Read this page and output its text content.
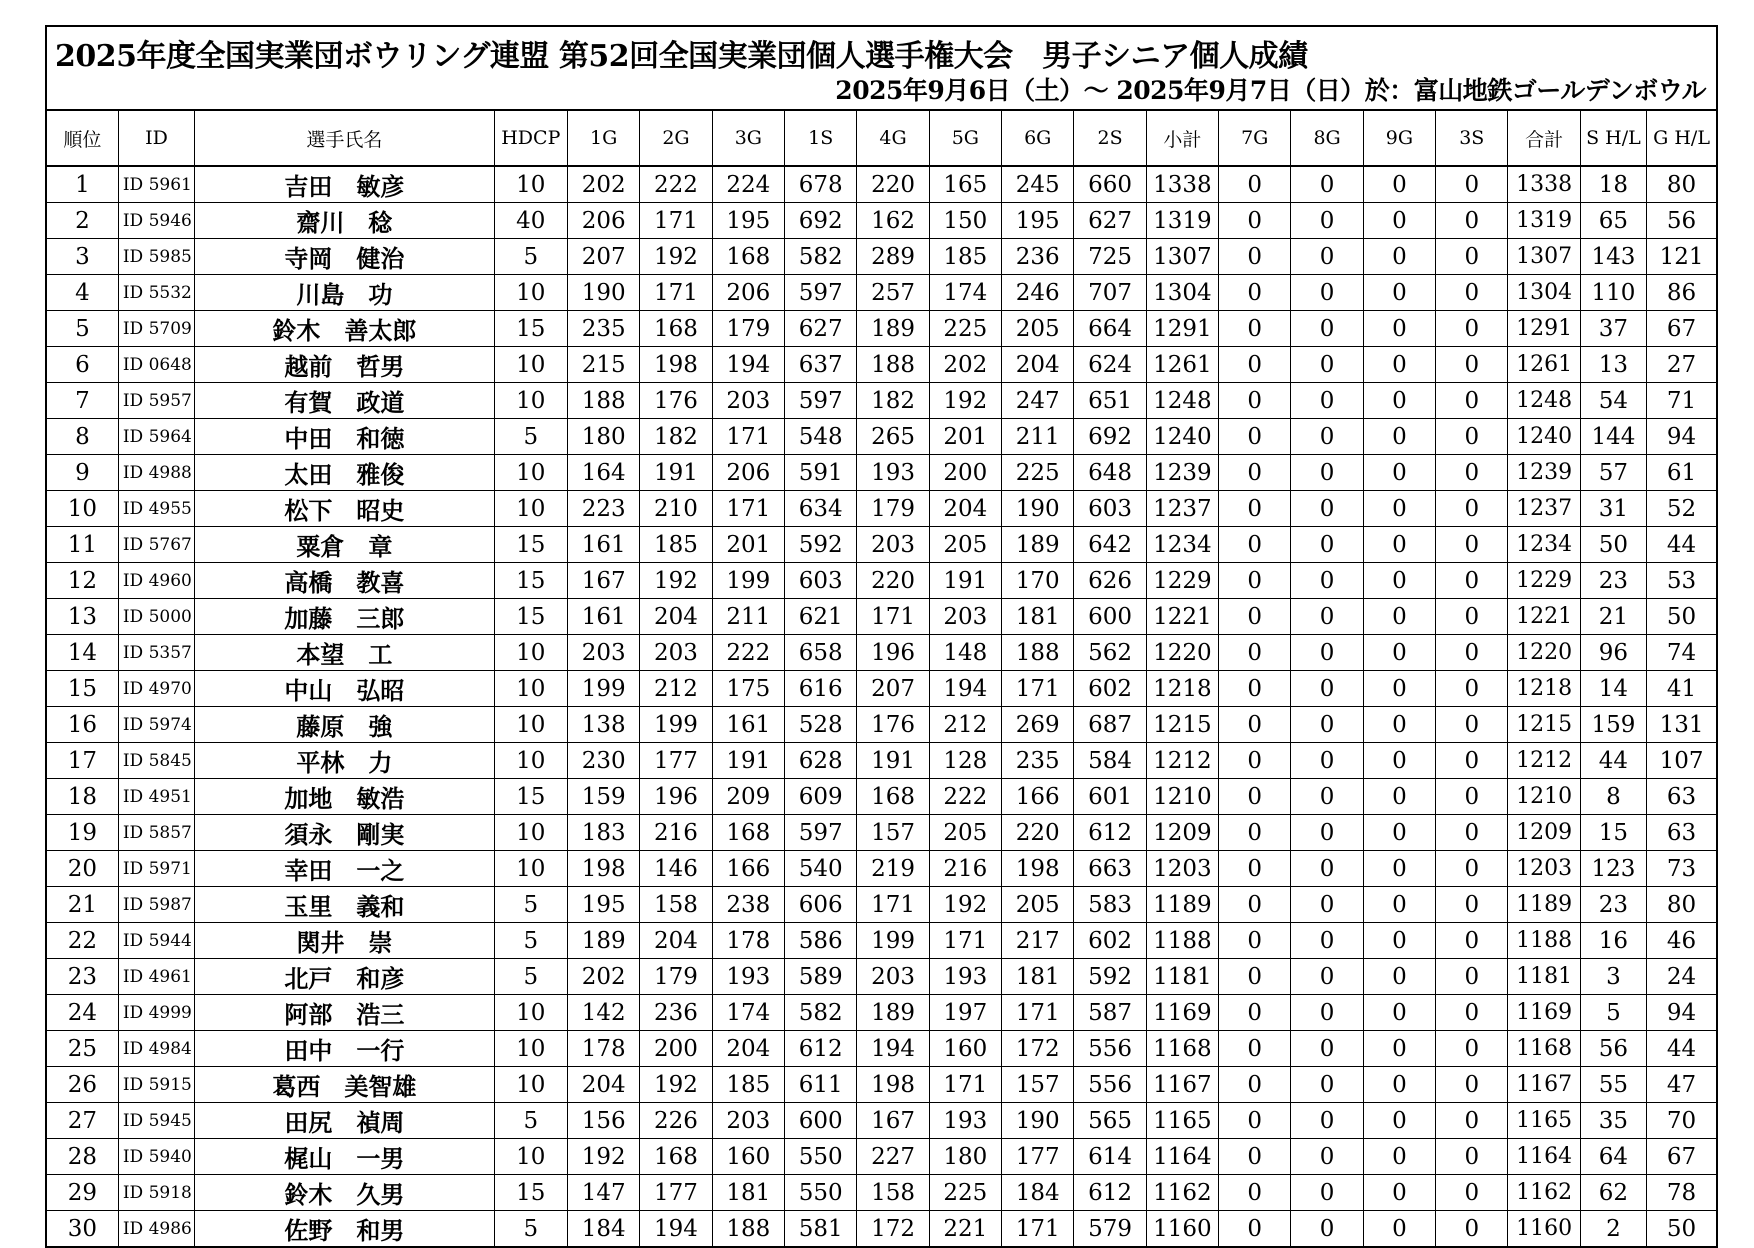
2025年度全国実業団ボウリング連盟 第52回全国実業団個人選手権大会　男子シニア個人成績
2025年9月6日（土）～ 2025年9月7日（日）於：富山地鉄ゴールデンボウル
順位	ID	選手氏名	HDCP	1G	2G	3G	1S	4G	5G	6G	2S	小計	7G	8G	9G	3S	合計	S H/L	G H/L
1	ID 5961	吉田　敏彦	10	202	222	224	678	220	165	245	660	1338	0	0	0	0	1338	18	80
2	ID 5946	齋川　稔	40	206	171	195	692	162	150	195	627	1319	0	0	0	0	1319	65	56
3	ID 5985	寺岡　健治	5	207	192	168	582	289	185	236	725	1307	0	0	0	0	1307	143	121
4	ID 5532	川島　功	10	190	171	206	597	257	174	246	707	1304	0	0	0	0	1304	110	86
5	ID 5709	鈴木　善太郎	15	235	168	179	627	189	225	205	664	1291	0	0	0	0	1291	37	67
6	ID 0648	越前　哲男	10	215	198	194	637	188	202	204	624	1261	0	0	0	0	1261	13	27
7	ID 5957	有賀　政道	10	188	176	203	597	182	192	247	651	1248	0	0	0	0	1248	54	71
8	ID 5964	中田　和徳	5	180	182	171	548	265	201	211	692	1240	0	0	0	0	1240	144	94
9	ID 4988	太田　雅俊	10	164	191	206	591	193	200	225	648	1239	0	0	0	0	1239	57	61
10	ID 4955	松下　昭史	10	223	210	171	634	179	204	190	603	1237	0	0	0	0	1237	31	52
11	ID 5767	粟倉　章	15	161	185	201	592	203	205	189	642	1234	0	0	0	0	1234	50	44
12	ID 4960	高橋　教喜	15	167	192	199	603	220	191	170	626	1229	0	0	0	0	1229	23	53
13	ID 5000	加藤　三郎	15	161	204	211	621	171	203	181	600	1221	0	0	0	0	1221	21	50
14	ID 5357	本望　工	10	203	203	222	658	196	148	188	562	1220	0	0	0	0	1220	96	74
15	ID 4970	中山　弘昭	10	199	212	175	616	207	194	171	602	1218	0	0	0	0	1218	14	41
16	ID 5974	藤原　強	10	138	199	161	528	176	212	269	687	1215	0	0	0	0	1215	159	131
17	ID 5845	平林　力	10	230	177	191	628	191	128	235	584	1212	0	0	0	0	1212	44	107
18	ID 4951	加地　敏浩	15	159	196	209	609	168	222	166	601	1210	0	0	0	0	1210	8	63
19	ID 5857	須永　剛実	10	183	216	168	597	157	205	220	612	1209	0	0	0	0	1209	15	63
20	ID 5971	幸田　一之	10	198	146	166	540	219	216	198	663	1203	0	0	0	0	1203	123	73
21	ID 5987	玉里　義和	5	195	158	238	606	171	192	205	583	1189	0	0	0	0	1189	23	80
22	ID 5944	関井　崇	5	189	204	178	586	199	171	217	602	1188	0	0	0	0	1188	16	46
23	ID 4961	北戸　和彦	5	202	179	193	589	203	193	181	592	1181	0	0	0	0	1181	3	24
24	ID 4999	阿部　浩三	10	142	236	174	582	189	197	171	587	1169	0	0	0	0	1169	5	94
25	ID 4984	田中　一行	10	178	200	204	612	194	160	172	556	1168	0	0	0	0	1168	56	44
26	ID 5915	葛西　美智雄	10	204	192	185	611	198	171	157	556	1167	0	0	0	0	1167	55	47
27	ID 5945	田尻　禎周	5	156	226	203	600	167	193	190	565	1165	0	0	0	0	1165	35	70
28	ID 5940	梶山　一男	10	192	168	160	550	227	180	177	614	1164	0	0	0	0	1164	64	67
29	ID 5918	鈴木　久男	15	147	177	181	550	158	225	184	612	1162	0	0	0	0	1162	62	78
30	ID 4986	佐野　和男	5	184	194	188	581	172	221	171	579	1160	0	0	0	0	1160	2	50
